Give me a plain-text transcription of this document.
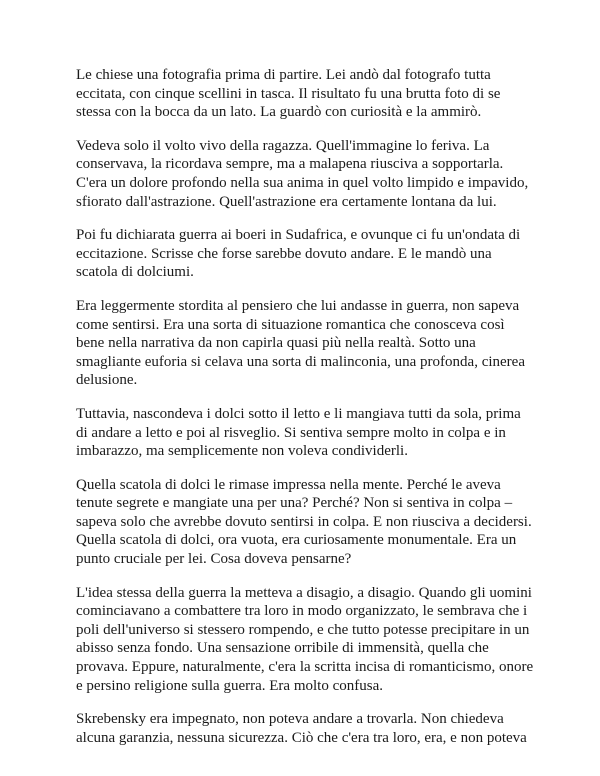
Le chiese una fotografia prima di partire. Lei andò dal fotografo tutta
eccitata, con cinque scellini in tasca. Il risultato fu una brutta foto di se
stessa con la bocca da un lato. La guardò con curiosità e la ammirò.

Vedeva solo il volto vivo della ragazza. Quell'immagine lo feriva. La
conservava, la ricordava sempre, ma a malapena riusciva a sopportarla.
C'era un dolore profondo nella sua anima in quel volto limpido e impavido,
sfiorato dall'astrazione. Quell'astrazione era certamente lontana da lui.

Poi fu dichiarata guerra ai boeri in Sudafrica, e ovunque ci fu un'ondata di
eccitazione. Scrisse che forse sarebbe dovuto andare. E le mandò una
scatola di dolciumi.

Era leggermente stordita al pensiero che lui andasse in guerra, non sapeva
come sentirsi. Era una sorta di situazione romantica che conosceva così
bene nella narrativa da non capirla quasi più nella realtà. Sotto una
smagliante euforia si celava una sorta di malinconia, una profonda, cinerea
delusione.

Tuttavia, nascondeva i dolci sotto il letto e li mangiava tutti da sola, prima
di andare a letto e poi al risveglio. Si sentiva sempre molto in colpa e in
imbarazzo, ma semplicemente non voleva condividerli.

Quella scatola di dolci le rimase impressa nella mente. Perché le aveva
tenute segrete e mangiate una per una? Perché? Non si sentiva in colpa –
sapeva solo che avrebbe dovuto sentirsi in colpa. E non riusciva a decidersi.
Quella scatola di dolci, ora vuota, era curiosamente monumentale. Era un
punto cruciale per lei. Cosa doveva pensarne?

L'idea stessa della guerra la metteva a disagio, a disagio. Quando gli uomini
cominciavano a combattere tra loro in modo organizzato, le sembrava che i
poli dell'universo si stessero rompendo, e che tutto potesse precipitare in un
abisso senza fondo. Una sensazione orribile di immensità, quella che
provava. Eppure, naturalmente, c'era la scritta incisa di romanticismo, onore
e persino religione sulla guerra. Era molto confusa.

Skrebensky era impegnato, non poteva andare a trovarla. Non chiedeva
alcuna garanzia, nessuna sicurezza. Ciò che c'era tra loro, era, e non poteva
